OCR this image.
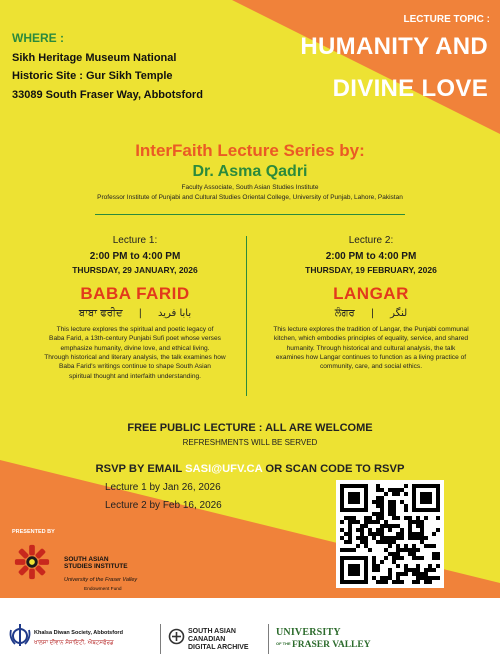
WHERE :
Sikh Heritage Museum National
Historic Site : Gur Sikh Temple
33089 South Fraser Way, Abbotsford
LECTURE TOPIC :
HUMANITY AND
DIVINE LOVE
InterFaith Lecture Series by:
Dr. Asma Qadri
Faculty Associate, South Asian Studies Institute
Professor Institute of Punjabi and Cultural Studies Oriental College, University of Punjab, Lahore, Pakistan
Lecture 1:
2:00 PM to 4:00 PM
THURSDAY, 29 JANUARY, 2026
BABA FARID
ਬਾਬਾ ਫਰੀਦ | بابا فرید
This lecture explores the spiritual and poetic legacy of
Baba Farid, a 13th-century Punjabi Sufi poet whose verses
emphasize humanity, divine love, and ethical living.
Through historical and literary analysis, the talk examines how
Baba Farid's writings continue to shape South Asian
spiritual thought and interfaith understanding.
Lecture 2:
2:00 PM to 4:00 PM
THURSDAY, 19 FEBRUARY, 2026
LANGAR
ਲੰਗਰ | لنگر
This lecture explores the tradition of Langar, the Punjabi communal
kitchen, which embodies principles of equality, service, and shared
humanity. Through historical and cultural analysis, the talk
examines how Langar continues to function as a living practice of
community, care, and social ethics.
FREE PUBLIC LECTURE : ALL ARE WELCOME
REFRESHMENTS WILL BE SERVED
RSVP BY EMAIL SASI@UFV.CA OR SCAN CODE TO RSVP
Lecture 1 by Jan 26, 2026
Lecture 2 by Feb 16, 2026
PRESENTED BY
SOUTH ASIAN
STUDIES INSTITUTE
University of the Fraser Valley
Endowment Fund
SUPPORTED BY
Khalsa Diwan Society, Abbotsford
ਖਾਲਸਾ ਦੀਵਾਨ ਸੋਸਾਇਟੀ, ਐਬਟਸਫੋਰਡ
SOUTH ASIAN
CANADIAN
DIGITAL ARCHIVE
UNIVERSITY
OF THE FRASER VALLEY
